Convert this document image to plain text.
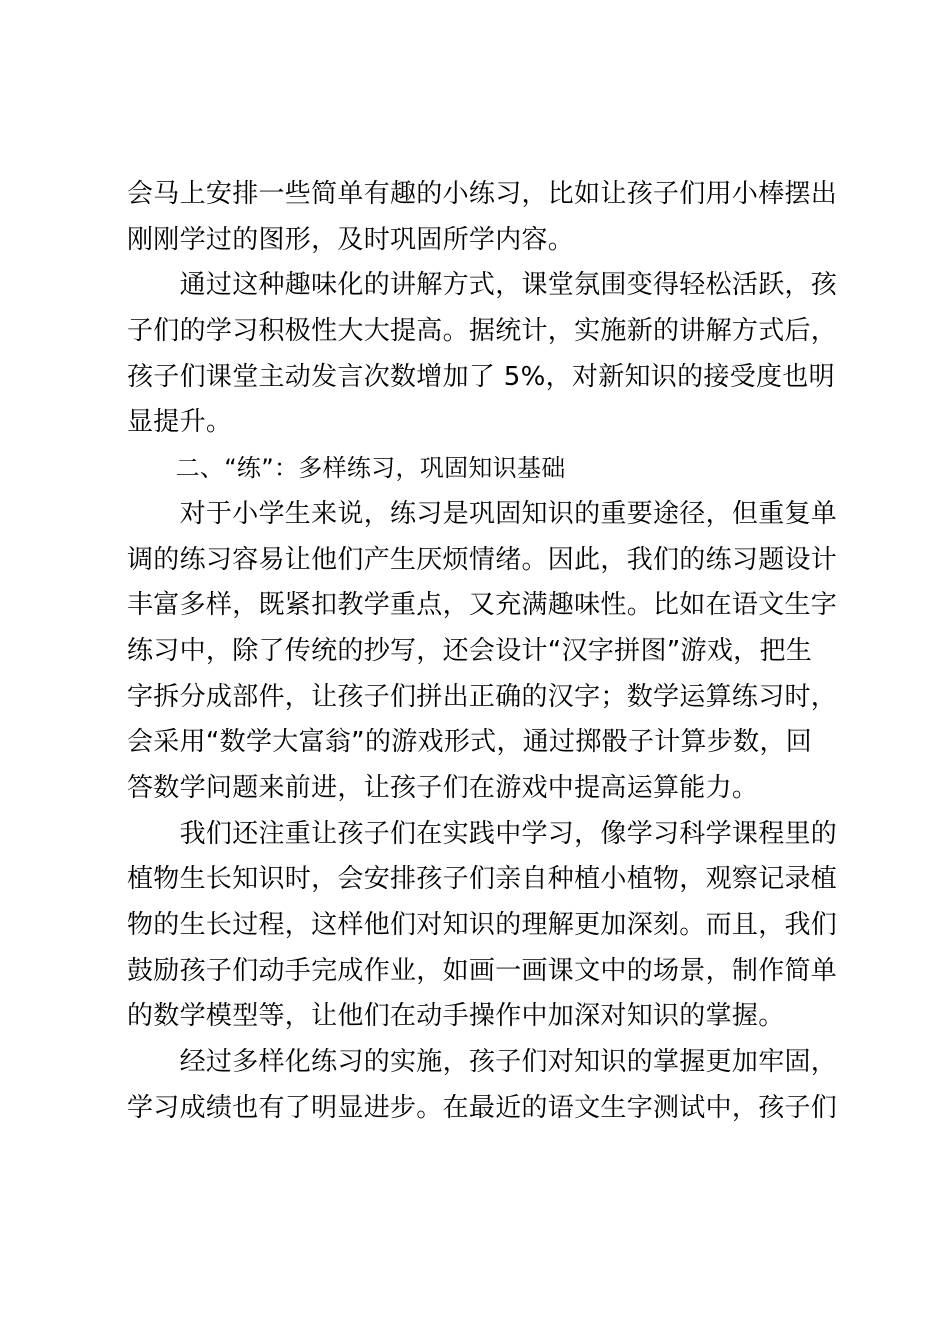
会马上安排一些简单有趣的小练习，比如让孩子们用小棒摆出
刚刚学过的图形，及时巩固所学内容。
　　通过这种趣味化的讲解方式，课堂氛围变得轻松活跃，孩
子们的学习积极性大大提高。据统计，实施新的讲解方式后，
孩子们课堂主动发言次数增加了 5%，对新知识的接受度也明
显提升。
　　二、“练”：多样练习，巩固知识基础
　　对于小学生来说，练习是巩固知识的重要途径，但重复单
调的练习容易让他们产生厌烦情绪。因此，我们的练习题设计
丰富多样，既紧扣教学重点，又充满趣味性。比如在语文生字
练习中，除了传统的抄写，还会设计“汉字拼图”游戏，把生
字拆分成部件，让孩子们拼出正确的汉字；数学运算练习时，
会采用“数学大富翁”的游戏形式，通过掷骰子计算步数，回
答数学问题来前进，让孩子们在游戏中提高运算能力。
　　我们还注重让孩子们在实践中学习，像学习科学课程里的
植物生长知识时，会安排孩子们亲自种植小植物，观察记录植
物的生长过程，这样他们对知识的理解更加深刻。而且，我们
鼓励孩子们动手完成作业，如画一画课文中的场景，制作简单
的数学模型等，让他们在动手操作中加深对知识的掌握。
　　经过多样化练习的实施，孩子们对知识的掌握更加牢固，
学习成绩也有了明显进步。在最近的语文生字测试中，孩子们
